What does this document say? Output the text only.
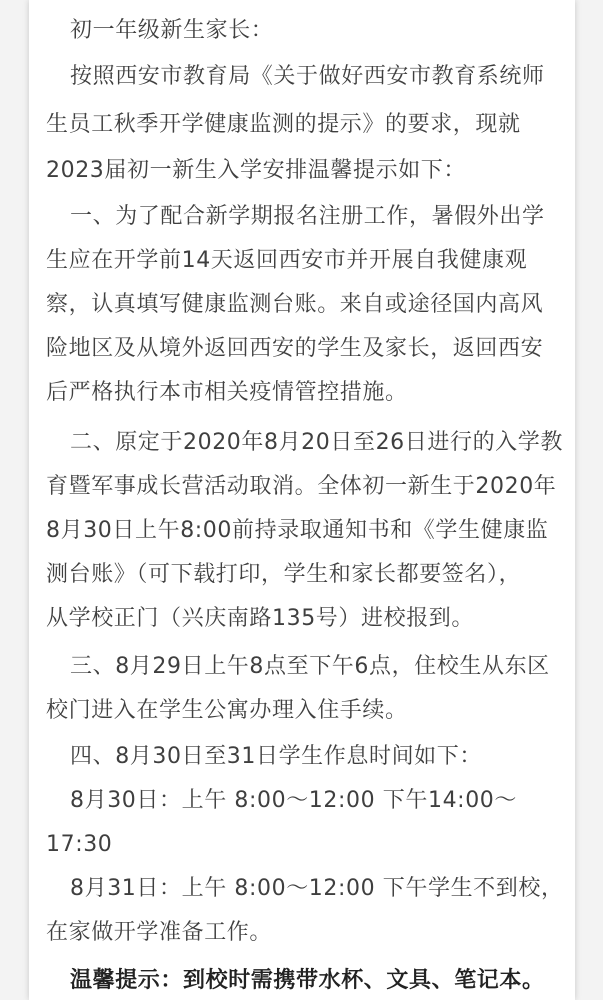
初一年级新生家长：

按照西安市教育局《关于做好西安市教育系统师

生员工秋季开学健康监测的提示》的要求，现就

2023届初一新生入学安排温馨提示如下：

一、为了配合新学期报名注册工作，暑假外出学

生应在开学前14天返回西安市并开展自我健康观

察，认真填写健康监测台账。来自或途径国内高风

险地区及从境外返回西安的学生及家长，返回西安

后严格执行本市相关疫情管控措施。

二、原定于2020年8月20日至26日进行的入学教

育暨军事成长营活动取消。全体初一新生于2020年

8月30日上午8:00前持录取通知书和《学生健康监

测台账》（可下载打印，学生和家长都要签名），

从学校正门（兴庆南路135号）进校报到。

三、8月29日上午8点至下午6点，住校生从东区

校门进入在学生公寓办理入住手续。

四、8月30日至31日学生作息时间如下：

8月30日：上午 8:00～12:00 下午14:00～

17:30

8月31日：上午 8:00～12:00 下午学生不到校，

在家做开学准备工作。

温馨提示：到校时需携带水杯、文具、笔记本。
